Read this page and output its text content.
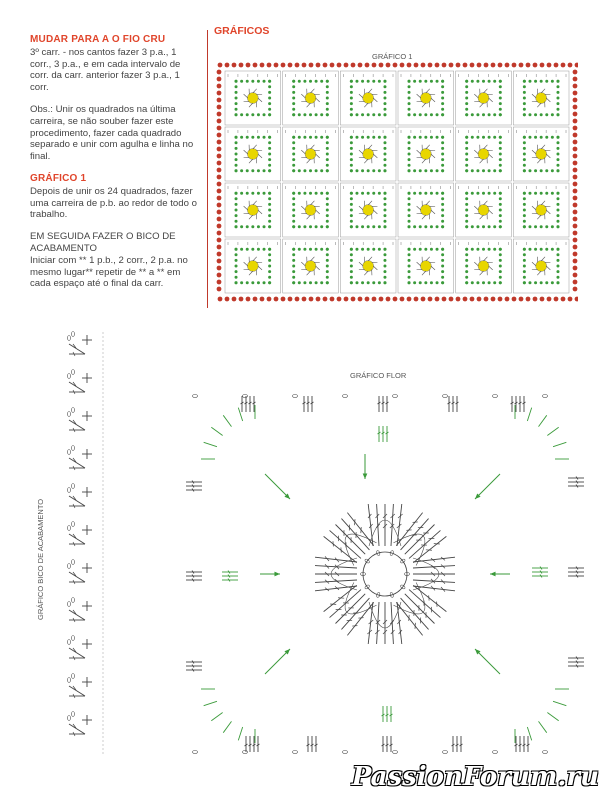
MUDAR PARA A O FIO CRU
3º carr. - nos cantos fazer 3 p.a., 1 corr., 3 p.a., e em cada intervalo de corr. da carr. anterior fazer 3 p.a., 1 corr.
Obs.: Unir os quadrados na última carreira, se não souber fazer este procedimento, fazer cada quadrado separado e unir com agulha e linha no final.
GRÁFICO 1
Depois de unir os 24 quadrados, fazer uma carreira de p.b. ao redor de todo o trabalho.
EM SEGUIDA FAZER O BICO DE ACABAMENTO
Iniciar com ** 1 p.b., 2 corr., 2 p.a. no mesmo lugar** repetir de ** a ** em cada espaço até o final da carr.
GRÁFICOS
GRÁFICO 1
GRÁFICO FLOR
GRÁFICO BICO DE ACABAMENTO
PassionForum.ru
